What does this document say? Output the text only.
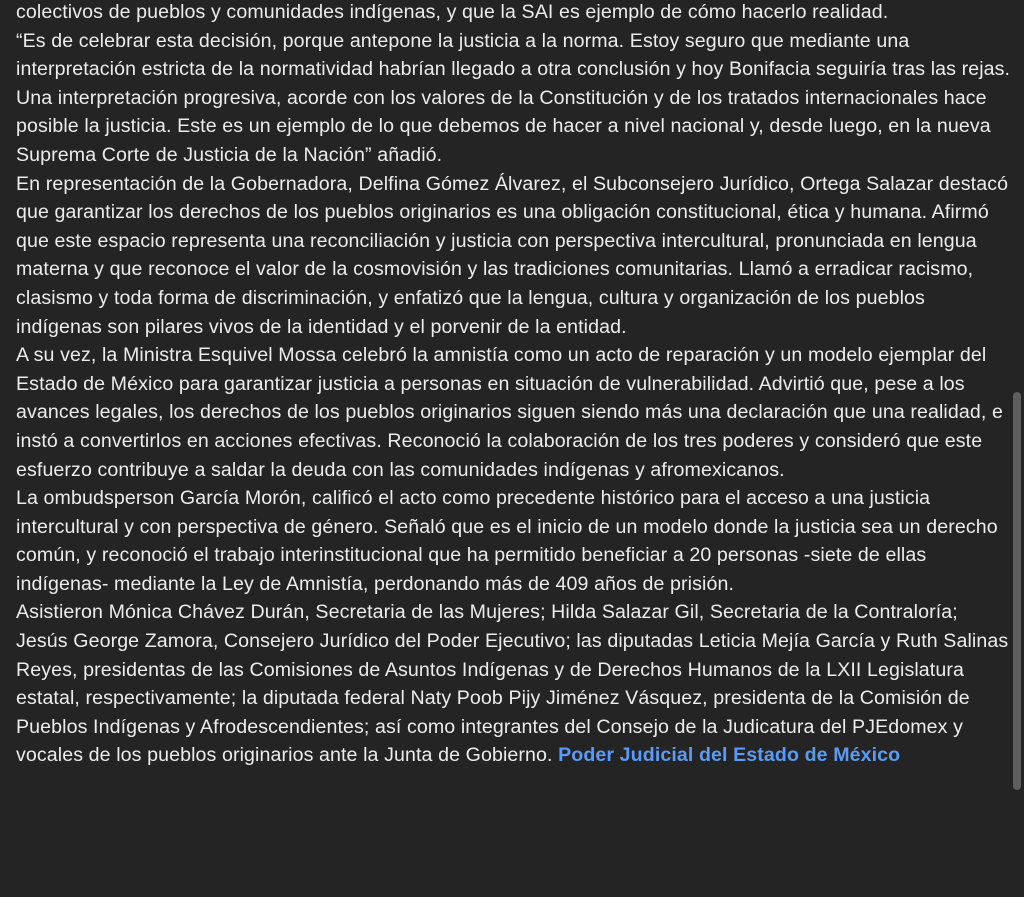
colectivos de pueblos y comunidades indígenas, y que la SAI es ejemplo de cómo hacerlo realidad.

“Es de celebrar esta decisión, porque antepone la justicia a la norma. Estoy seguro que mediante una interpretación estricta de la normatividad habrían llegado a otra conclusión y hoy Bonifacia seguiría tras las rejas. Una interpretación progresiva, acorde con los valores de la Constitución y de los tratados internacionales hace posible la justicia. Este es un ejemplo de lo que debemos de hacer a nivel nacional y, desde luego, en la nueva Suprema Corte de Justicia de la Nación” añadió.

En representación de la Gobernadora, Delfina Gómez Álvarez, el Subconsejero Jurídico, Ortega Salazar destacó que garantizar los derechos de los pueblos originarios es una obligación constitucional, ética y humana. Afirmó que este espacio representa una reconciliación y justicia con perspectiva intercultural, pronunciada en lengua materna y que reconoce el valor de la cosmovisión y las tradiciones comunitarias. Llamó a erradicar racismo, clasismo y toda forma de discriminación, y enfatizó que la lengua, cultura y organización de los pueblos indígenas son pilares vivos de la identidad y el porvenir de la entidad.

A su vez, la Ministra Esquivel Mossa celebró la amnistía como un acto de reparación y un modelo ejemplar del Estado de México para garantizar justicia a personas en situación de vulnerabilidad. Advirtió que, pese a los avances legales, los derechos de los pueblos originarios siguen siendo más una declaración que una realidad, e instó a convertirlos en acciones efectivas. Reconoció la colaboración de los tres poderes y consideró que este esfuerzo contribuye a saldar la deuda con las comunidades indígenas y afromexicanos.

La ombudsperson García Morón, calificó el acto como precedente histórico para el acceso a una justicia intercultural y con perspectiva de género. Señaló que es el inicio de un modelo donde la justicia sea un derecho común, y reconoció el trabajo interinstitucional que ha permitido beneficiar a 20 personas -siete de ellas indígenas- mediante la Ley de Amnistía, perdonando más de 409 años de prisión.

Asistieron Mónica Chávez Durán, Secretaria de las Mujeres; Hilda Salazar Gil, Secretaria de la Contraloría; Jesús George Zamora, Consejero Jurídico del Poder Ejecutivo; las diputadas Leticia Mejía García y Ruth Salinas Reyes, presidentas de las Comisiones de Asuntos Indígenas y de Derechos Humanos de la LXII Legislatura estatal, respectivamente; la diputada federal Naty Poob Pijy Jiménez Vásquez, presidenta de la Comisión de Pueblos Indígenas y Afrodescendientes; así como integrantes del Consejo de la Judicatura del PJEdomex y vocales de los pueblos originarios ante la Junta de Gobierno. Poder Judicial del Estado de México
